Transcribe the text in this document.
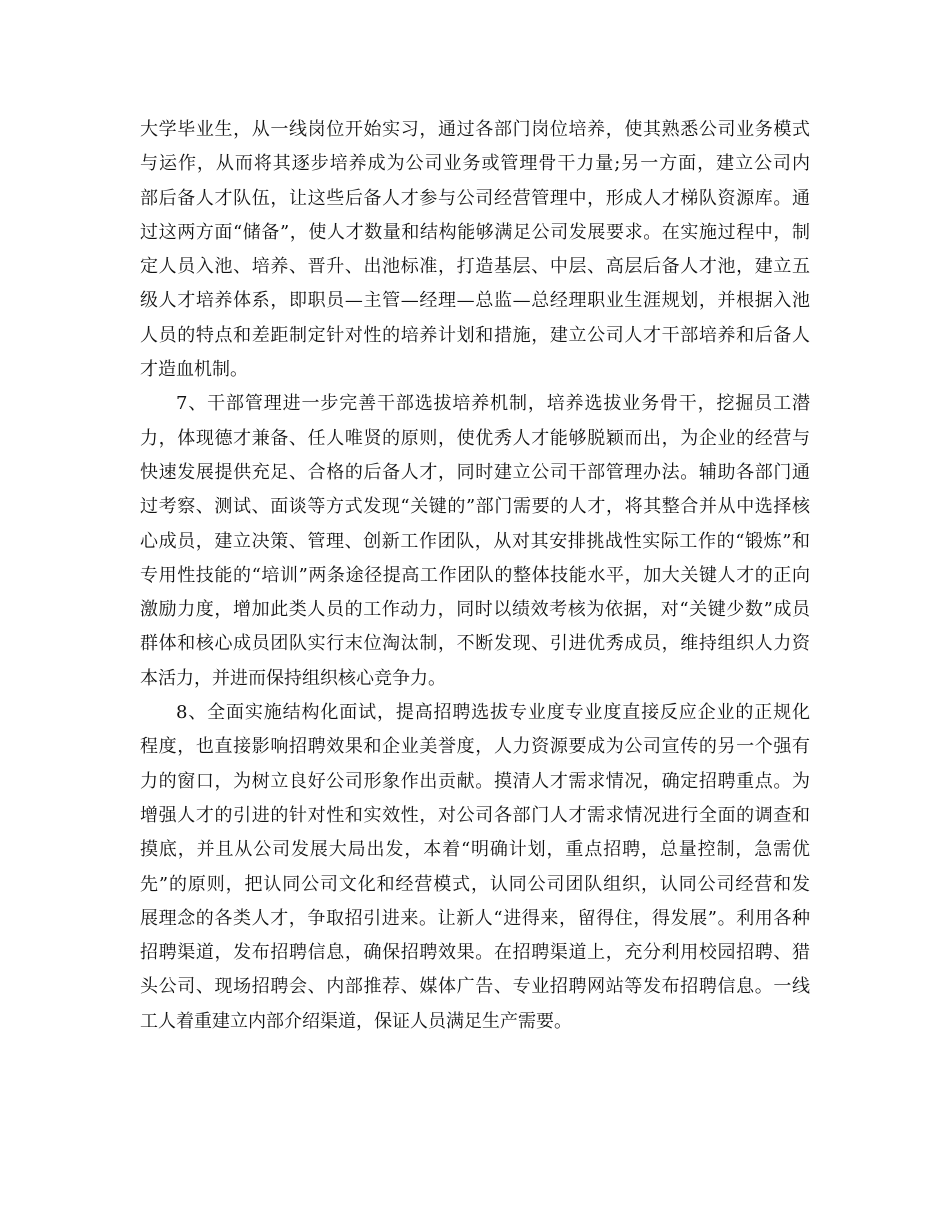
大学毕业生，从一线岗位开始实习，通过各部门岗位培养，使其熟悉公司业务模式
与运作，从而将其逐步培养成为公司业务或管理骨干力量;另一方面，建立公司内
部后备人才队伍，让这些后备人才参与公司经营管理中，形成人才梯队资源库。通
过这两方面“储备”，使人才数量和结构能够满足公司发展要求。在实施过程中，制
定人员入池、培养、晋升、出池标准，打造基层、中层、高层后备人才池，建立五
级人才培养体系，即职员—主管—经理—总监—总经理职业生涯规划，并根据入池
人员的特点和差距制定针对性的培养计划和措施，建立公司人才干部培养和后备人
才造血机制。
7、干部管理进一步完善干部选拔培养机制，培养选拔业务骨干，挖掘员工潜
力，体现德才兼备、任人唯贤的原则，使优秀人才能够脱颖而出，为企业的经营与
快速发展提供充足、合格的后备人才，同时建立公司干部管理办法。辅助各部门通
过考察、测试、面谈等方式发现“关键的”部门需要的人才，将其整合并从中选择核
心成员，建立决策、管理、创新工作团队，从对其安排挑战性实际工作的“锻炼”和
专用性技能的“培训”两条途径提高工作团队的整体技能水平，加大关键人才的正向
激励力度，增加此类人员的工作动力，同时以绩效考核为依据，对“关键少数”成员
群体和核心成员团队实行末位淘汰制，不断发现、引进优秀成员，维持组织人力资
本活力，并进而保持组织核心竞争力。
8、全面实施结构化面试，提高招聘选拔专业度专业度直接反应企业的正规化
程度，也直接影响招聘效果和企业美誉度，人力资源要成为公司宣传的另一个强有
力的窗口，为树立良好公司形象作出贡献。摸清人才需求情况，确定招聘重点。为
增强人才的引进的针对性和实效性，对公司各部门人才需求情况进行全面的调查和
摸底，并且从公司发展大局出发，本着“明确计划，重点招聘，总量控制，急需优
先”的原则，把认同公司文化和经营模式，认同公司团队组织，认同公司经营和发
展理念的各类人才，争取招引进来。让新人“进得来，留得住，得发展”。利用各种
招聘渠道，发布招聘信息，确保招聘效果。在招聘渠道上，充分利用校园招聘、猎
头公司、现场招聘会、内部推荐、媒体广告、专业招聘网站等发布招聘信息。一线
工人着重建立内部介绍渠道，保证人员满足生产需要。
